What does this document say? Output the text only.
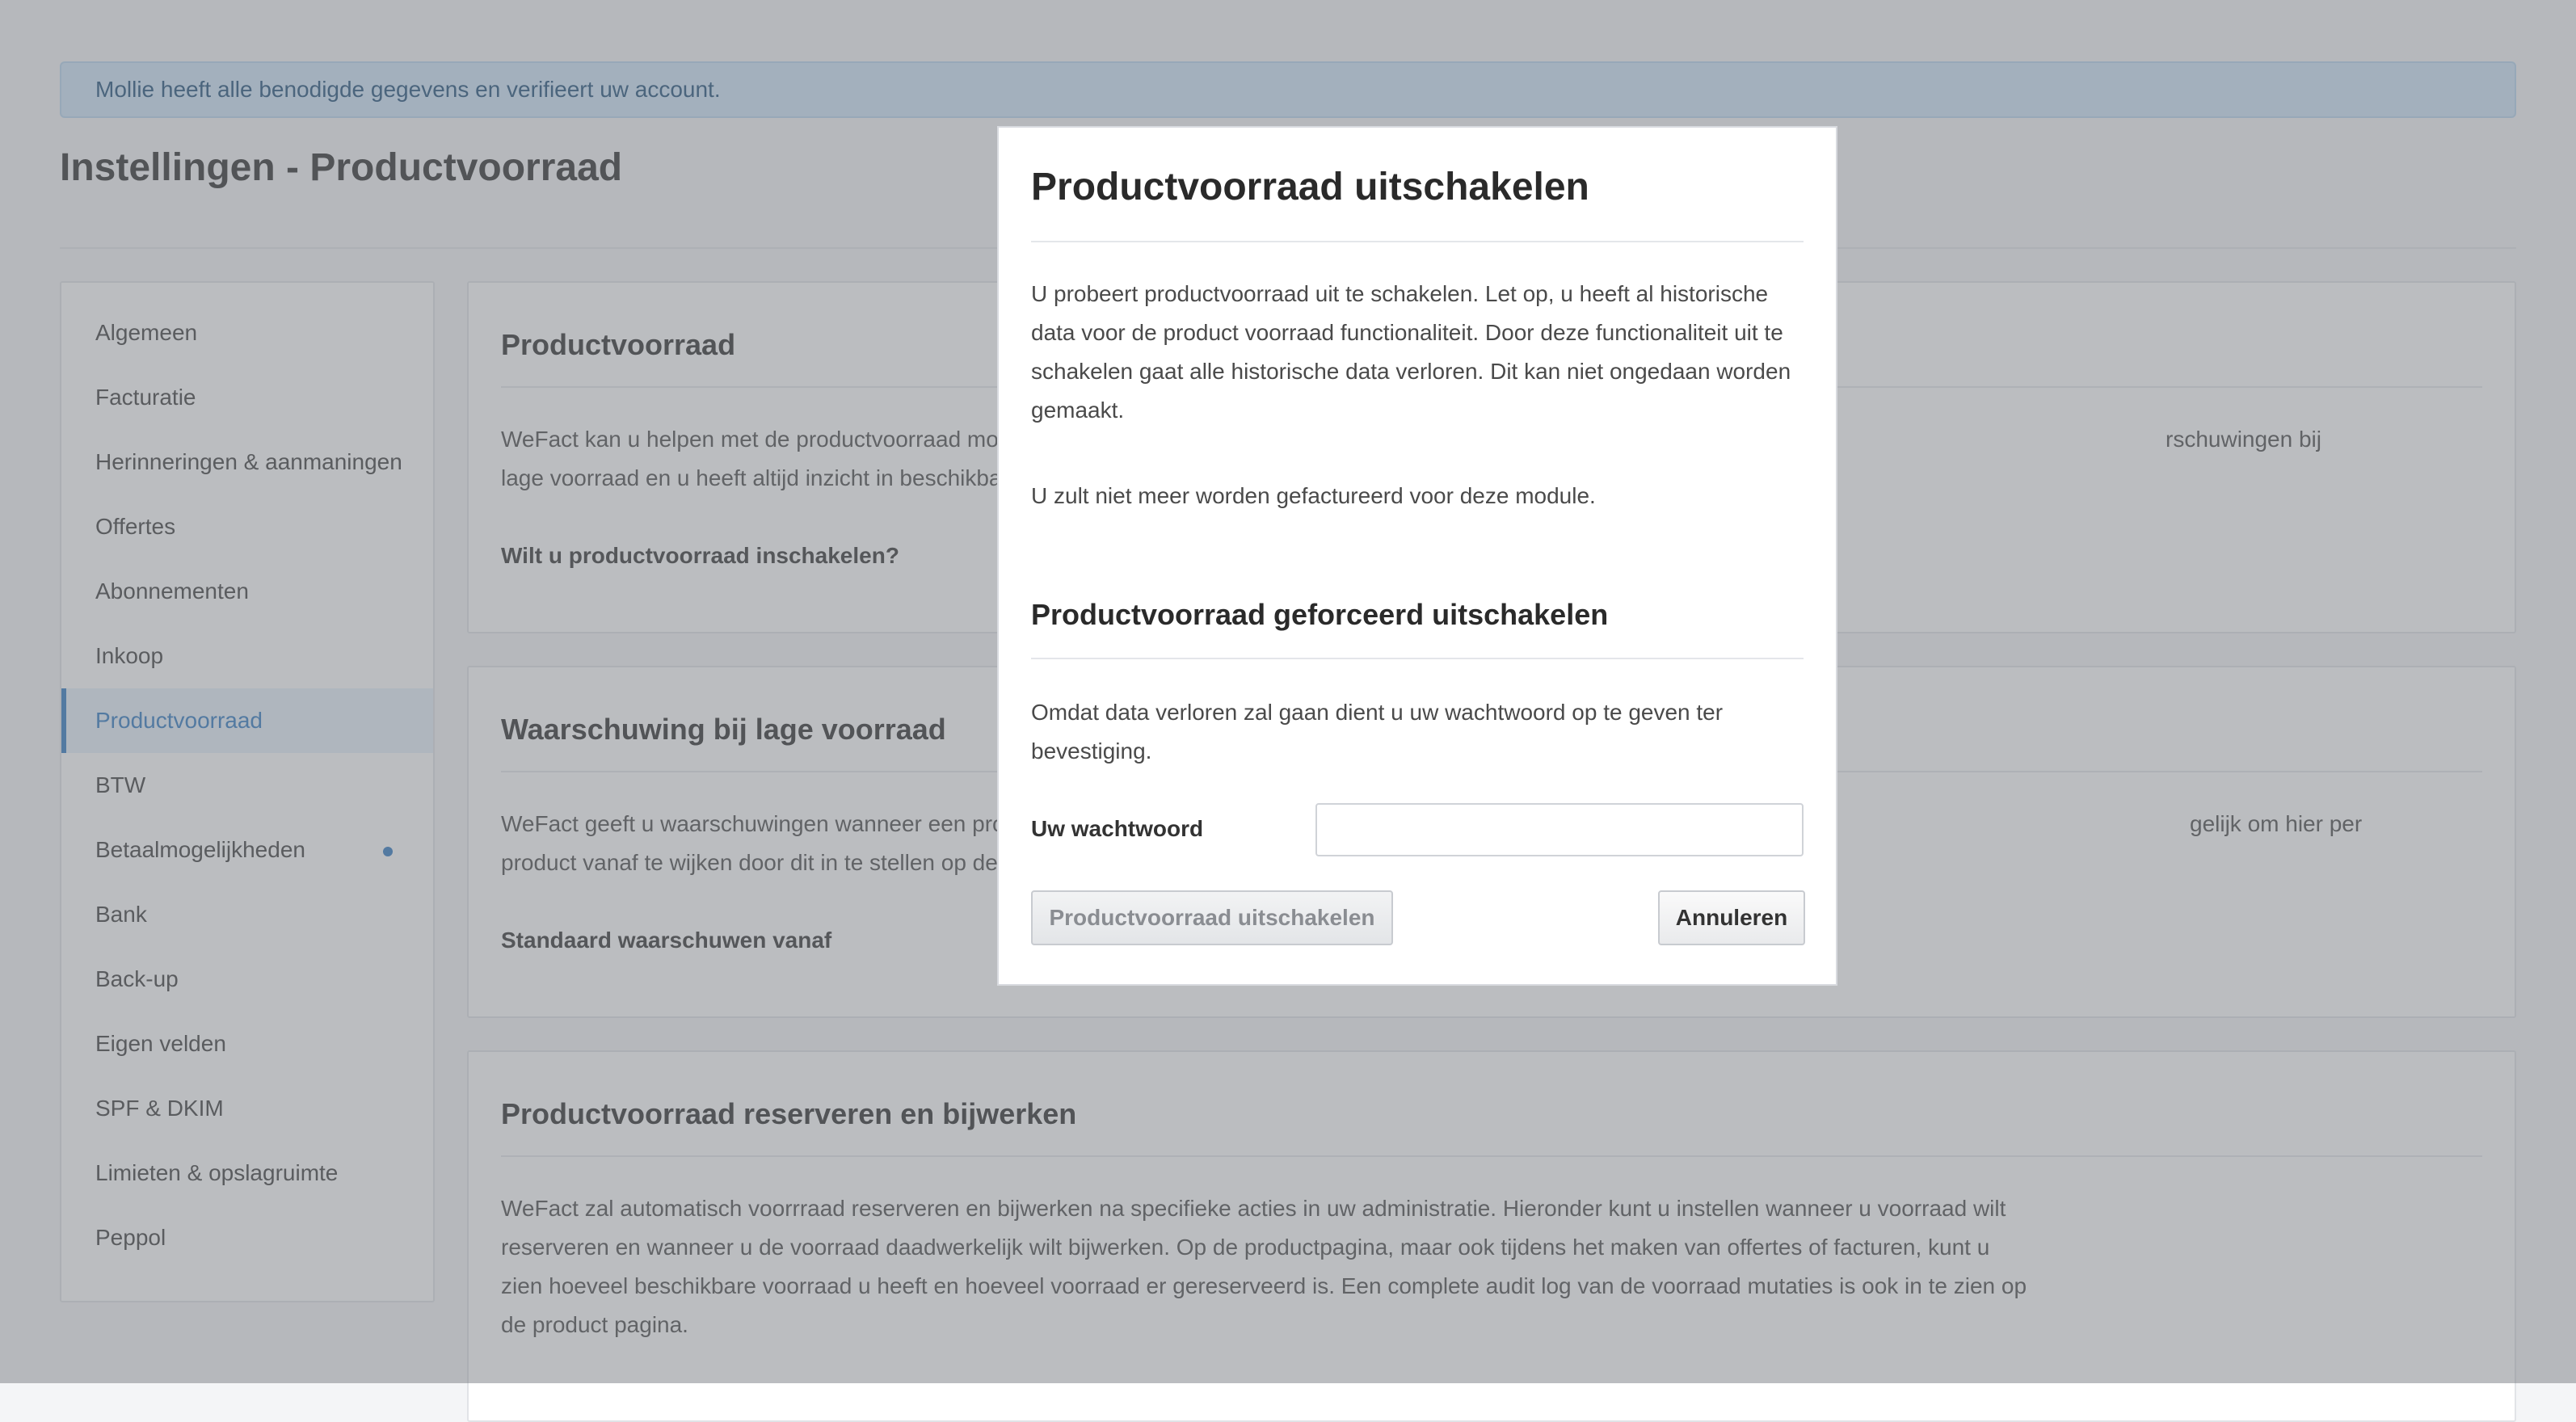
Productvoorraad uitschakelen

U probeert productvoorraad uit te schakelen. Let op, u heeft al historische data voor de product voorraad functionaliteit. Door deze functionaliteit uit te schakelen gaat alle historische data verloren. Dit kan niet ongedaan worden gemaakt.

U zult niet meer worden gefactureerd voor deze module.

Productvoorraad geforceerd uitschakelen

Omdat data verloren zal gaan dient u uw wachtwoord op te geven ter bevestiging.

Uw wachtwoord
Productvoorraad uitschakelen	Annuleren
